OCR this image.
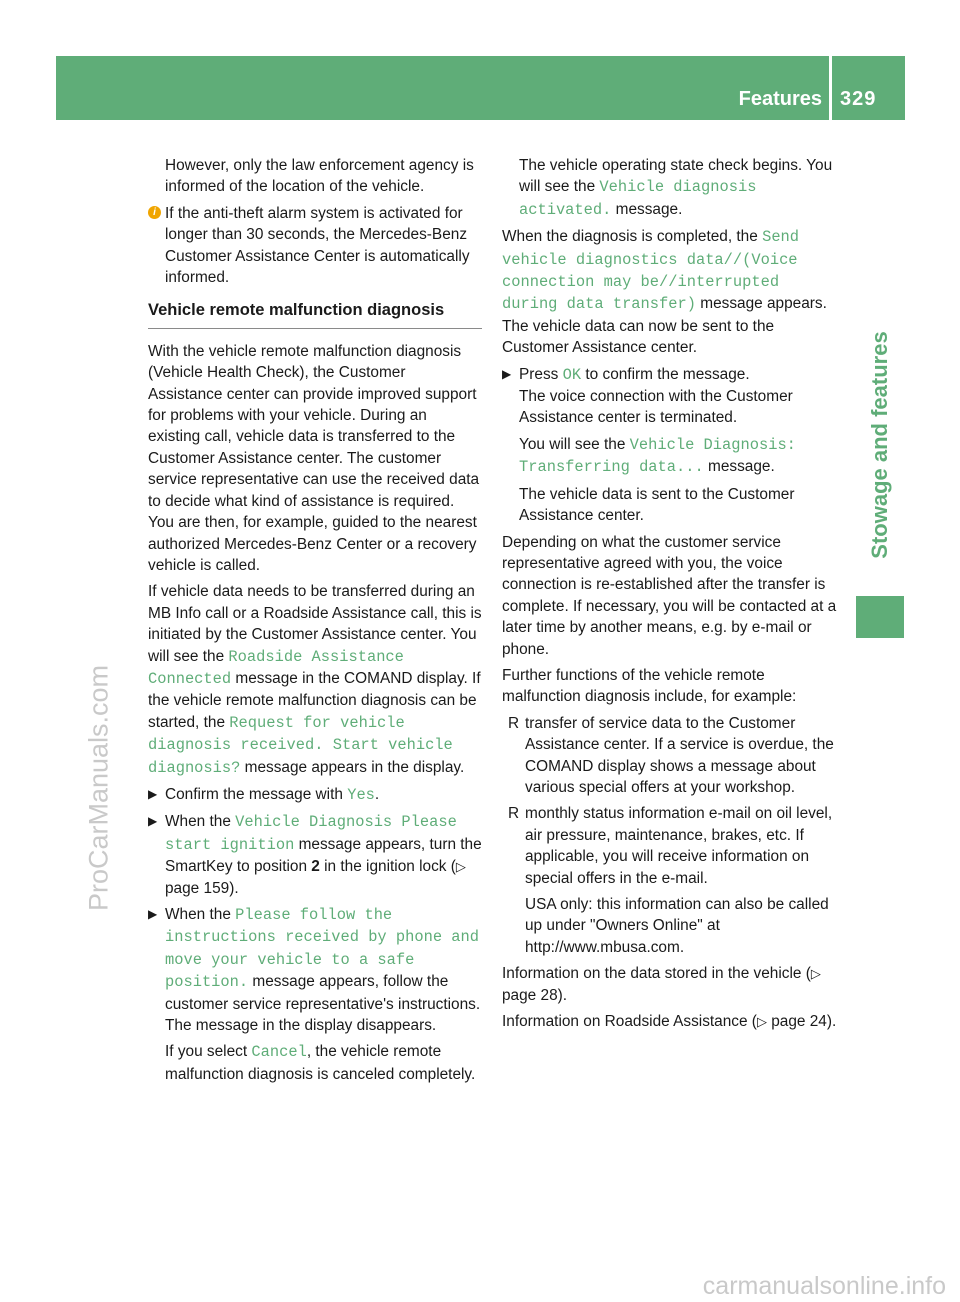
Features 329
Stowage and features
ProCarManuals.com
carmanualsonline.info
However, only the law enforcement agency is informed of the location of the vehicle.
i If the anti-theft alarm system is activated for longer than 30 seconds, the Mercedes-Benz Customer Assistance Center is automatically informed.
Vehicle remote malfunction diagnosis
With the vehicle remote malfunction diagnosis (Vehicle Health Check), the Customer Assistance center can provide improved support for problems with your vehicle. During an existing call, vehicle data is transferred to the Customer Assistance center. The customer service representative can use the received data to decide what kind of assistance is required. You are then, for example, guided to the nearest authorized Mercedes-Benz Center or a recovery vehicle is called.
If vehicle data needs to be transferred during an MB Info call or a Roadside Assistance call, this is initiated by the Customer Assistance center. You will see the Roadside Assistance Connected message in the COMAND display. If the vehicle remote malfunction diagnosis can be started, the Request for vehicle diagnosis received. Start vehicle diagnosis? message appears in the display.
▶ Confirm the message with Yes.
▶ When the Vehicle Diagnosis Please start ignition message appears, turn the SmartKey to position 2 in the ignition lock (▷ page 159).
▶ When the Please follow the instructions received by phone and move your vehicle to a safe position. message appears, follow the customer service representative's instructions.
The message in the display disappears.
If you select Cancel, the vehicle remote malfunction diagnosis is canceled completely.
The vehicle operating state check begins. You will see the Vehicle diagnosis activated. message.
When the diagnosis is completed, the Send vehicle diagnostics data//(Voice connection may be//interrupted during data transfer) message appears.
The vehicle data can now be sent to the Customer Assistance center.
▶ Press OK to confirm the message.
The voice connection with the Customer Assistance center is terminated.
You will see the Vehicle Diagnosis: Transferring data... message.
The vehicle data is sent to the Customer Assistance center.
Depending on what the customer service representative agreed with you, the voice connection is re-established after the transfer is complete. If necessary, you will be contacted at a later time by another means, e.g. by e-mail or phone.
Further functions of the vehicle remote malfunction diagnosis include, for example:
R transfer of service data to the Customer Assistance center. If a service is overdue, the COMAND display shows a message about various special offers at your workshop.
R monthly status information e-mail on oil level, air pressure, maintenance, brakes, etc. If applicable, you will receive information on special offers in the e-mail.
USA only: this information can also be called up under "Owners Online" at http://www.mbusa.com.
Information on the data stored in the vehicle (▷ page 28).
Information on Roadside Assistance (▷ page 24).
